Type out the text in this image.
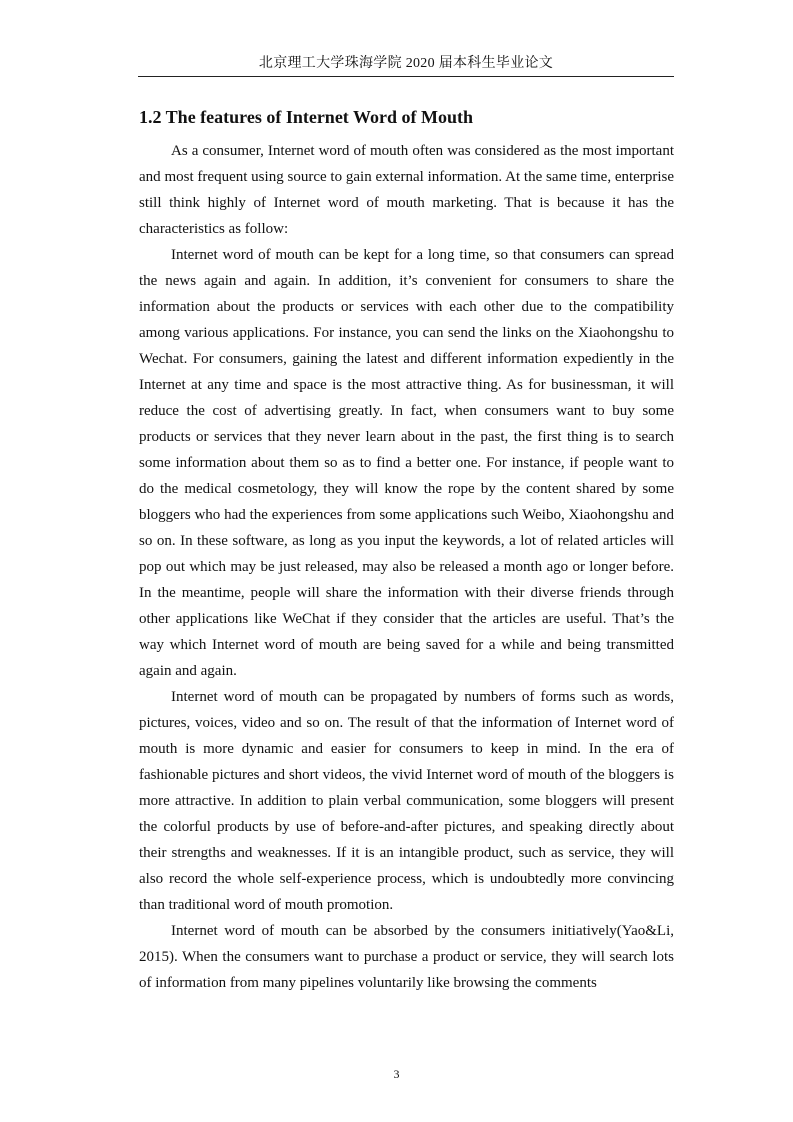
北京理工大学珠海学院 2020 届本科生毕业论文
1.2 The features of Internet Word of Mouth

As a consumer, Internet word of mouth often was considered as the most important and most frequent using source to gain external information. At the same time, enterprise still think highly of Internet word of mouth marketing. That is because it has the characteristics as follow:

Internet word of mouth can be kept for a long time, so that consumers can spread the news again and again. In addition, it’s convenient for consumers to share the information about the products or services with each other due to the compatibility among various applications. For instance, you can send the links on the Xiaohongshu to Wechat. For consumers, gaining the latest and different information expediently in the Internet at any time and space is the most attractive thing. As for businessman, it will reduce the cost of advertising greatly. In fact, when consumers want to buy some products or services that they never learn about in the past, the first thing is to search some information about them so as to find a better one. For instance, if people want to do the medical cosmetology, they will know the rope by the content shared by some bloggers who had the experiences from some applications such Weibo, Xiaohongshu and so on. In these software, as long as you input the keywords, a lot of related articles will pop out which may be just released, may also be released a month ago or longer before. In the meantime, people will share the information with their diverse friends through other applications like WeChat if they consider that the articles are useful. That’s the way which Internet word of mouth are being saved for a while and being transmitted again and again.

Internet word of mouth can be propagated by numbers of forms such as words, pictures, voices, video and so on. The result of that the information of Internet word of mouth is more dynamic and easier for consumers to keep in mind. In the era of fashionable pictures and short videos, the vivid Internet word of mouth of the bloggers is more attractive. In addition to plain verbal communication, some bloggers will present the colorful products by use of before-and-after pictures, and speaking directly about their strengths and weaknesses. If it is an intangible product, such as service, they will also record the whole self-experience process, which is undoubtedly more convincing than traditional word of mouth promotion.

Internet word of mouth can be absorbed by the consumers initiatively(Yao&Li, 2015). When the consumers want to purchase a product or service, they will search lots of information from many pipelines voluntarily like browsing the comments

3
